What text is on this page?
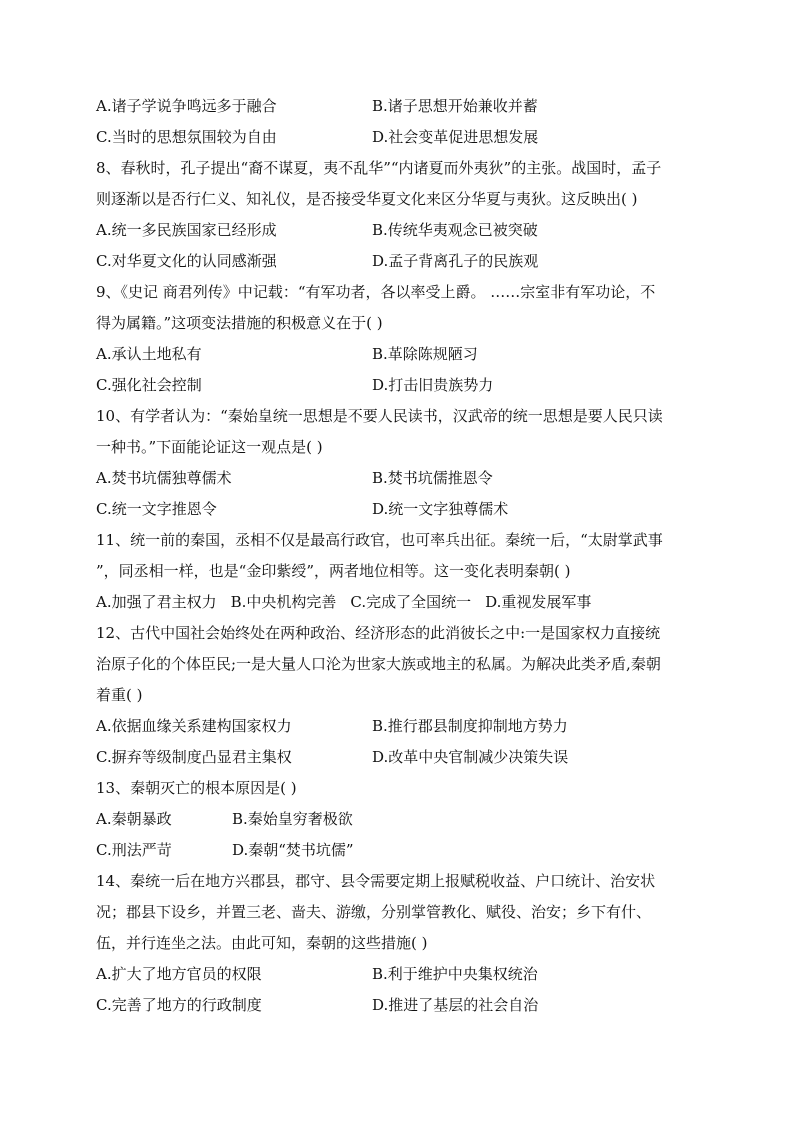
A.诸子学说争鸣远多于融合	B.诸子思想开始兼收并蓄
C.当时的思想氛围较为自由	D.社会变革促进思想发展
8、春秋时，孔子提出“裔不谋夏，夷不乱华”“内诸夏而外夷狄”的主张。战国时，孟子
则逐渐以是否行仁义、知礼仪，是否接受华夏文化来区分华夏与夷狄。这反映出( )
A.统一多民族国家已经形成	B.传统华夷观念已被突破
C.对华夏文化的认同感渐强	D.孟子背离孔子的民族观
9、《史记 商君列传》中记载：“有军功者，各以率受上爵。 ……宗室非有军功论，不
得为属籍。”这项变法措施的积极意义在于( )
A.承认土地私有	B.革除陈规陋习
C.强化社会控制	D.打击旧贵族势力
10、有学者认为：“秦始皇统一思想是不要人民读书，汉武帝的统一思想是要人民只读
一种书。”下面能论证这一观点是( )
A.焚书坑儒独尊儒术	B.焚书坑儒推恩令
C.统一文字推恩令	D.统一文字独尊儒术
11、统一前的秦国，丞相不仅是最高行政官，也可率兵出征。秦统一后，“太尉掌武事
”，同丞相一样，也是“金印紫绶”，两者地位相等。这一变化表明秦朝( )
A.加强了君主权力 B.中央机构完善 C.完成了全国统一 D.重视发展军事
12、古代中国社会始终处在两种政治、经济形态的此消彼长之中:一是国家权力直接统
治原子化的个体臣民;一是大量人口沦为世家大族或地主的私属。为解决此类矛盾,秦朝
着重( )
A.依据血缘关系建构国家权力	B.推行郡县制度抑制地方势力
C.摒弃等级制度凸显君主集权	D.改革中央官制减少决策失误
13、秦朝灭亡的根本原因是( )
A.秦朝暴政	B.秦始皇穷奢极欲
C.刑法严苛	D.秦朝“焚书坑儒”
14、秦统一后在地方兴郡县，郡守、县令需要定期上报赋税收益、户口统计、治安状
况；郡县下设乡，并置三老、啬夫、游缴，分别掌管教化、赋役、治安；乡下有什、
伍，并行连坐之法。由此可知，秦朝的这些措施( )
A.扩大了地方官员的权限	B.利于维护中央集权统治
C.完善了地方的行政制度	D.推进了基层的社会自治
